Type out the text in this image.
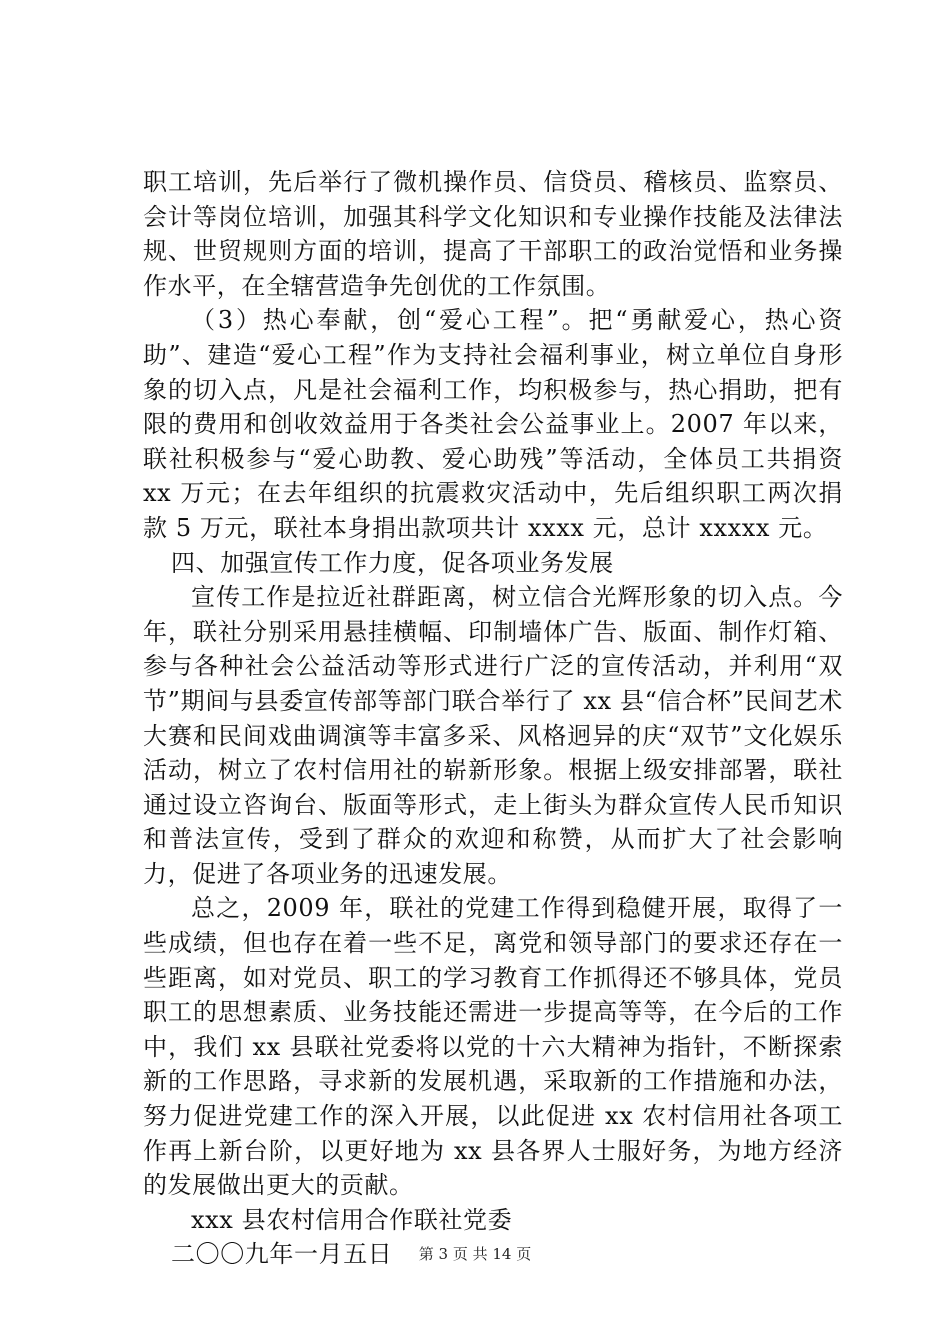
职工培训，先后举行了微机操作员、信贷员、稽核员、监察员、会计等岗位培训，加强其科学文化知识和专业操作技能及法律法规、世贸规则方面的培训，提高了干部职工的政治觉悟和业务操作水平，在全辖营造争先创优的工作氛围。

（3）热心奉献，创“爱心工程”。把“勇献爱心，热心资助”、建造“爱心工程”作为支持社会福利事业，树立单位自身形象的切入点，凡是社会福利工作，均积极参与，热心捐助，把有限的费用和创收效益用于各类社会公益事业上。2007 年以来，联社积极参与“爱心助教、爱心助残”等活动，全体员工共捐资 xx 万元；在去年组织的抗震救灾活动中，先后组织职工两次捐款 5 万元，联社本身捐出款项共计 xxxx 元，总计 xxxxx 元。

四、加强宣传工作力度，促各项业务发展

宣传工作是拉近社群距离，树立信合光辉形象的切入点。今年，联社分别采用悬挂横幅、印制墙体广告、版面、制作灯箱、参与各种社会公益活动等形式进行广泛的宣传活动，并利用“双节”期间与县委宣传部等部门联合举行了 xx 县“信合杯”民间艺术大赛和民间戏曲调演等丰富多采、风格迥异的庆“双节”文化娱乐活动，树立了农村信用社的崭新形象。根据上级安排部署，联社通过设立咨询台、版面等形式，走上街头为群众宣传人民币知识和普法宣传，受到了群众的欢迎和称赞，从而扩大了社会影响力，促进了各项业务的迅速发展。

总之，2009 年，联社的党建工作得到稳健开展，取得了一些成绩，但也存在着一些不足，离党和领导部门的要求还存在一些距离，如对党员、职工的学习教育工作抓得还不够具体，党员职工的思想素质、业务技能还需进一步提高等等，在今后的工作中，我们 xx 县联社党委将以党的十六大精神为指针，不断探索新的工作思路，寻求新的发展机遇，采取新的工作措施和办法，努力促进党建工作的深入开展，以此促进 xx 农村信用社各项工作再上新台阶，以更好地为 xx 县各界人士服好务，为地方经济的发展做出更大的贡献。

xxx 县农村信用合作联社党委

二〇〇九年一月五日	第 3 页 共 14 页
